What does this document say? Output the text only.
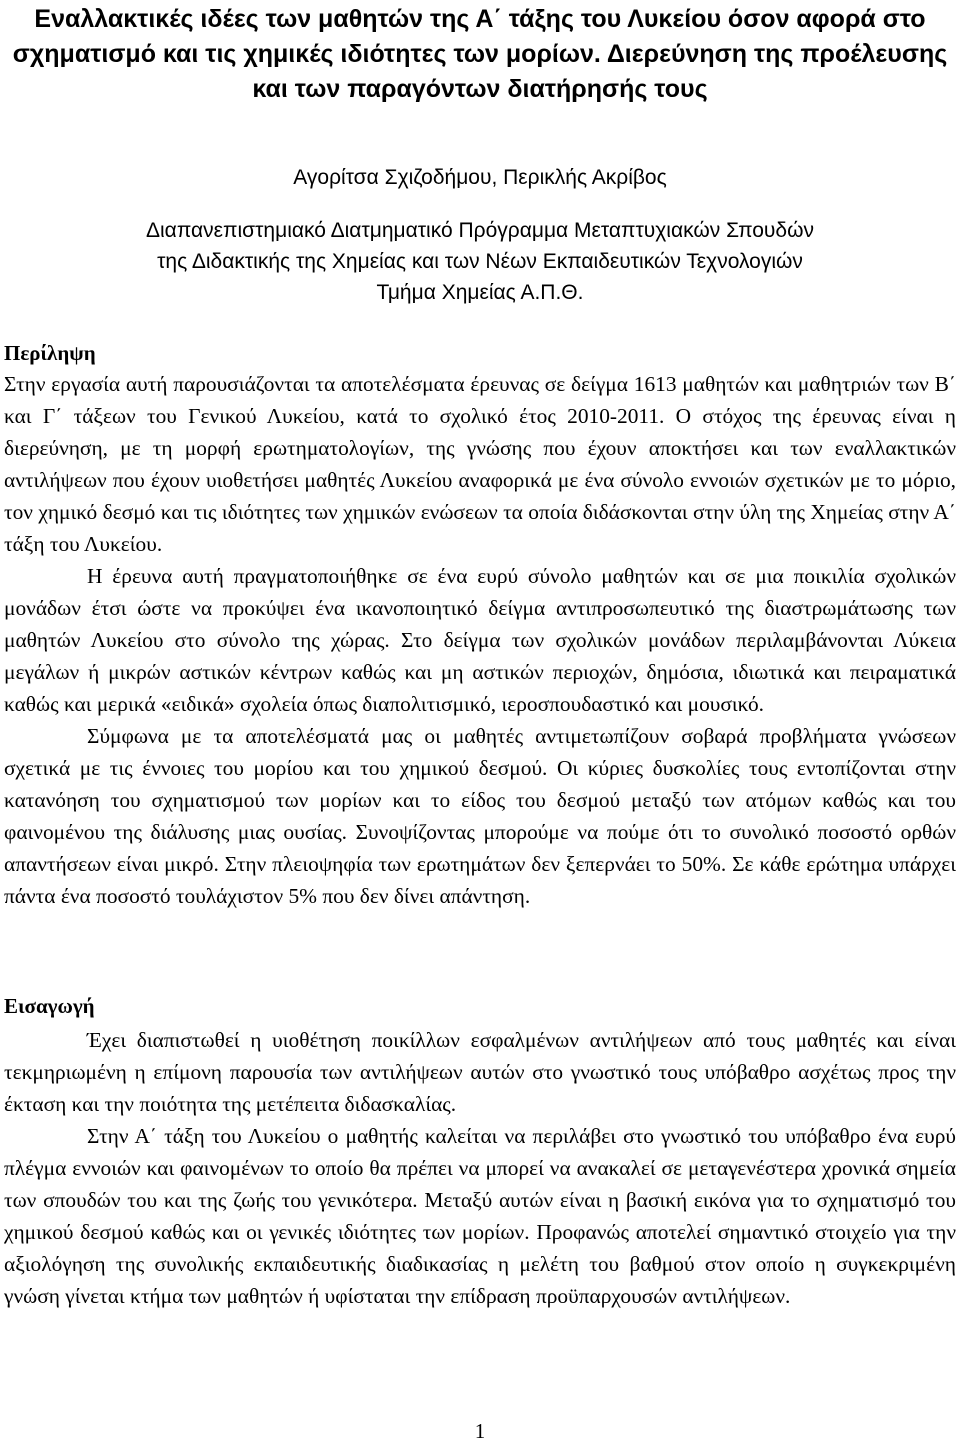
Εναλλακτικές ιδέες των μαθητών της Α΄ τάξης του Λυκείου όσον αφορά στο σχηματισμό και τις χημικές ιδιότητες των μορίων. Διερεύνηση της προέλευσης και των παραγόντων διατήρησής τους

Αγορίτσα Σχιζοδήμου, Περικλής Ακρίβος

Διαπανεπιστημιακό Διατμηματικό Πρόγραμμα Μεταπτυχιακών Σπουδών
της Διδακτικής της Χημείας και των Νέων Εκπαιδευτικών Τεχνολογιών
Τμήμα Χημείας Α.Π.Θ.

Περίληψη

Στην εργασία αυτή παρουσιάζονται τα αποτελέσματα έρευνας σε δείγμα 1613 μαθητών και μαθητριών των Β΄ και Γ΄ τάξεων του Γενικού Λυκείου, κατά το σχολικό έτος 2010-2011. Ο στόχος της έρευνας είναι η διερεύνηση, με τη μορφή ερωτηματολογίων, της γνώσης που έχουν αποκτήσει και των εναλλακτικών αντιλήψεων που έχουν υιοθετήσει μαθητές Λυκείου αναφορικά με ένα σύνολο εννοιών σχετικών με το μόριο, τον χημικό δεσμό και τις ιδιότητες των χημικών ενώσεων τα οποία διδάσκονται στην ύλη της Χημείας στην Α΄ τάξη του Λυκείου.

Η έρευνα αυτή πραγματοποιήθηκε σε ένα ευρύ σύνολο μαθητών και σε μια ποικιλία σχολικών μονάδων έτσι ώστε να προκύψει ένα ικανοποιητικό δείγμα αντιπροσωπευτικό της διαστρωμάτωσης των μαθητών Λυκείου στο σύνολο της χώρας. Στο δείγμα των σχολικών μονάδων περιλαμβάνονται Λύκεια μεγάλων ή μικρών αστικών κέντρων καθώς και μη αστικών περιοχών, δημόσια, ιδιωτικά και πειραματικά καθώς και μερικά «ειδικά» σχολεία όπως διαπολιτισμικό, ιεροσπουδαστικό και μουσικό.

Σύμφωνα με τα αποτελέσματά μας οι μαθητές αντιμετωπίζουν σοβαρά προβλήματα γνώσεων σχετικά με τις έννοιες του μορίου και του χημικού δεσμού. Οι κύριες δυσκολίες τους εντοπίζονται στην κατανόηση του σχηματισμού των μορίων και το είδος του δεσμού μεταξύ των ατόμων καθώς και του φαινομένου της διάλυσης μιας ουσίας. Συνοψίζοντας μπορούμε να πούμε ότι το συνολικό ποσοστό ορθών απαντήσεων είναι μικρό. Στην πλειοψηφία των ερωτημάτων δεν ξεπερνάει το 50%. Σε κάθε ερώτημα υπάρχει πάντα ένα ποσοστό τουλάχιστον 5% που δεν δίνει απάντηση.

Εισαγωγή

Έχει διαπιστωθεί η υιοθέτηση ποικίλλων εσφαλμένων αντιλήψεων από τους μαθητές και είναι τεκμηριωμένη η επίμονη παρουσία των αντιλήψεων αυτών στο γνωστικό τους υπόβαθρο ασχέτως προς την έκταση και την ποιότητα της μετέπειτα διδασκαλίας.

Στην Α΄ τάξη του Λυκείου ο μαθητής καλείται να περιλάβει στο γνωστικό του υπόβαθρο ένα ευρύ πλέγμα εννοιών και φαινομένων το οποίο θα πρέπει να μπορεί να ανακαλεί σε μεταγενέστερα χρονικά σημεία των σπουδών του και της ζωής του γενικότερα. Μεταξύ αυτών είναι η βασική εικόνα για το σχηματισμό του χημικού δεσμού καθώς και οι γενικές ιδιότητες των μορίων. Προφανώς αποτελεί σημαντικό στοιχείο για την αξιολόγηση της συνολικής εκπαιδευτικής διαδικασίας η μελέτη του βαθμού στον οποίο η συγκεκριμένη γνώση γίνεται κτήμα των μαθητών ή υφίσταται την επίδραση προϋπαρχουσών αντιλήψεων.

1
